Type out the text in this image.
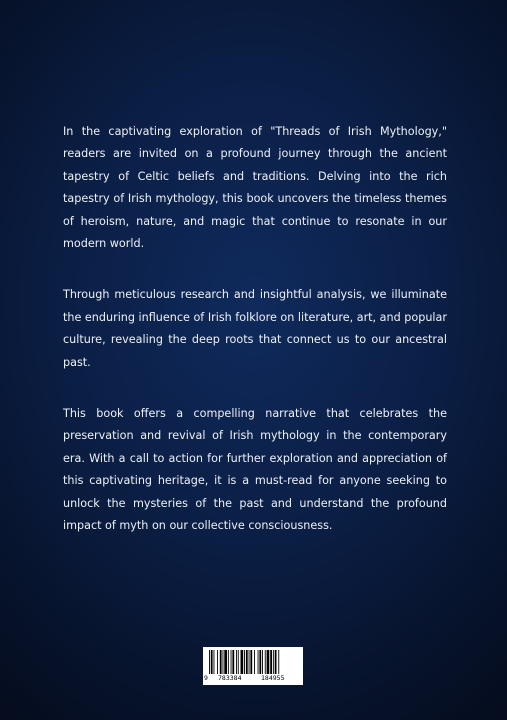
In the captivating exploration of "Threads of Irish Mythology," readers are invited on a profound journey through the ancient tapestry of Celtic beliefs and traditions. Delving into the rich tapestry of Irish mythology, this book uncovers the timeless themes of heroism, nature, and magic that continue to resonate in our modern world.

Through meticulous research and insightful analysis, we illuminate the enduring influence of Irish folklore on literature, art, and popular culture, revealing the deep roots that connect us to our ancestral past.

This book offers a compelling narrative that celebrates the preservation and revival of Irish mythology in the contemporary era. With a call to action for further exploration and appreciation of this captivating heritage, it is a must-read for anyone seeking to unlock the mysteries of the past and understand the profound impact of myth on our collective consciousness.

9 783384	184955
